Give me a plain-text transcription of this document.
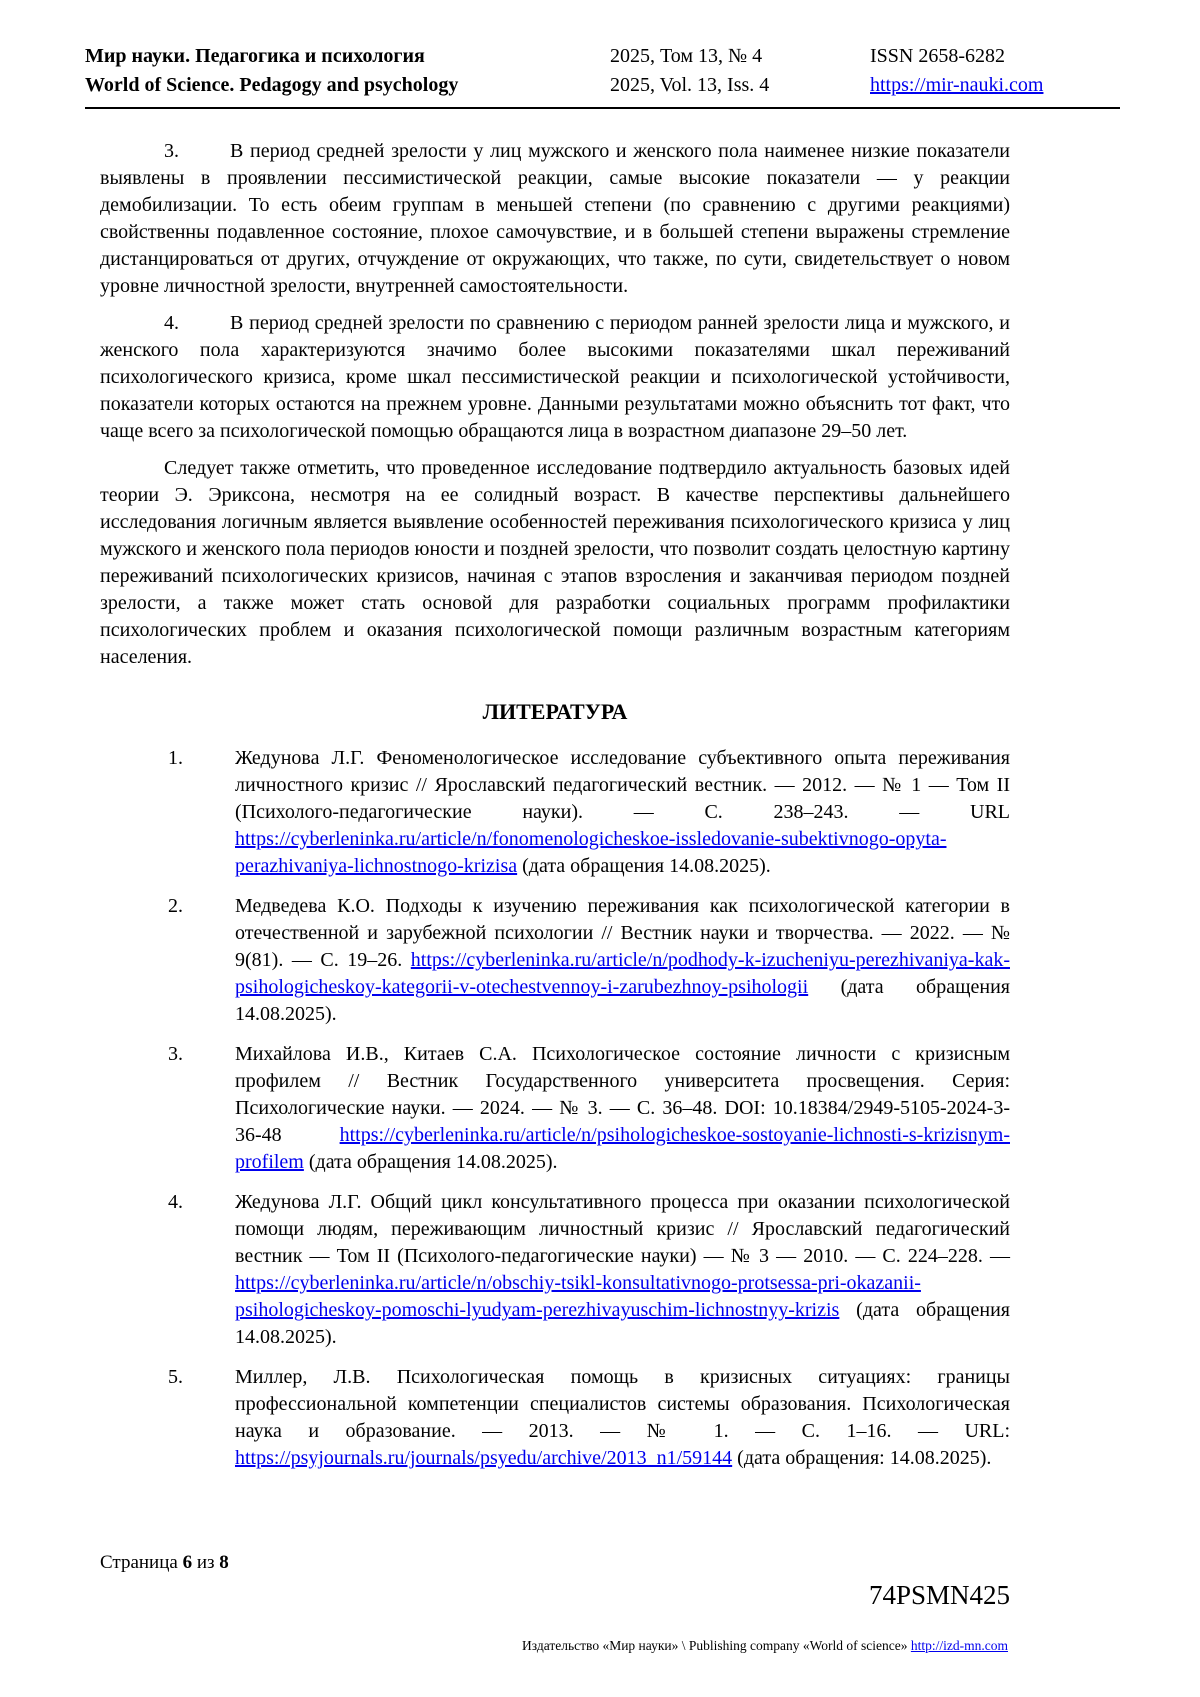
Мир науки. Педагогика и психология
World of Science. Pedagogy and psychology
2025, Том 13, № 4
2025, Vol. 13, Iss. 4
ISSN 2658-6282
https://mir-nauki.com

3.	В период средней зрелости у лиц мужского и женского пола наименее низкие показатели выявлены в проявлении пессимистической реакции, самые высокие показатели — у реакции демобилизации. То есть обеим группам в меньшей степени (по сравнению с другими реакциями) свойственны подавленное состояние, плохое самочувствие, и в большей степени выражены стремление дистанцироваться от других, отчуждение от окружающих, что также, по сути, свидетельствует о новом уровне личностной зрелости, внутренней самостоятельности.

4.	В период средней зрелости по сравнению с периодом ранней зрелости лица и мужского, и женского пола характеризуются значимо более высокими показателями шкал переживаний психологического кризиса, кроме шкал пессимистической реакции и психологической устойчивости, показатели которых остаются на прежнем уровне. Данными результатами можно объяснить тот факт, что чаще всего за психологической помощью обращаются лица в возрастном диапазоне 29–50 лет.

Следует также отметить, что проведенное исследование подтвердило актуальность базовых идей теории Э. Эриксона, несмотря на ее солидный возраст. В качестве перспективы дальнейшего исследования логичным является выявление особенностей переживания психологического кризиса у лиц мужского и женского пола периодов юности и поздней зрелости, что позволит создать целостную картину переживаний психологических кризисов, начиная с этапов взросления и заканчивая периодом поздней зрелости, а также может стать основой для разработки социальных программ профилактики психологических проблем и оказания психологической помощи различным возрастным категориям населения.

ЛИТЕРАТУРА
1.	Жедунова Л.Г. Феноменологическое исследование субъективного опыта переживания личностного кризис // Ярославский педагогический вестник. — 2012. — № 1 — Том II (Психолого-педагогические науки). — С. 238–243. — URL https://cyberleninka.ru/article/n/fonomenologicheskoe-issledovanie-subektivnogo-opyta-perazhivaniya-lichnostnogo-krizisa (дата обращения 14.08.2025).
2.	Медведева К.О. Подходы к изучению переживания как психологической категории в отечественной и зарубежной психологии // Вестник науки и творчества. — 2022. — № 9(81). — С. 19–26. https://cyberleninka.ru/article/n/podhody-k-izucheniyu-perezhivaniya-kak-psihologicheskoy-kategorii-v-otechestvennoy-i-zarubezhnoy-psihologii (дата обращения 14.08.2025).
3.	Михайлова И.В., Китаев С.А. Психологическое состояние личности с кризисным профилем // Вестник Государственного университета просвещения. Серия: Психологические науки. — 2024. — № 3. — С. 36–48. DOI: 10.18384/2949-5105-2024-3-36-48 https://cyberleninka.ru/article/n/psihologicheskoe-sostoyanie-lichnosti-s-krizisnym-profilem (дата обращения 14.08.2025).
4.	Жедунова Л.Г. Общий цикл консультативного процесса при оказании психологической помощи людям, переживающим личностный кризис // Ярославский педагогический вестник — Том II (Психолого-педагогические науки) — № 3 — 2010. — С. 224–228. — https://cyberleninka.ru/article/n/obschiy-tsikl-konsultativnogo-protsessa-pri-okazanii-psihologicheskoy-pomoschi-lyudyam-perezhivayuschim-lichnostnyy-krizis (дата обращения 14.08.2025).
5.	Миллер, Л.В. Психологическая помощь в кризисных ситуациях: границы профессиональной компетенции специалистов системы образования. Психологическая наука и образование. — 2013. — № 1. — С. 1–16. — URL: https://psyjournals.ru/journals/psyedu/archive/2013_n1/59144 (дата обращения: 14.08.2025).
Страница 6 из 8
74PSMN425
Издательство «Мир науки» \ Publishing company «World of science» http://izd-mn.com
